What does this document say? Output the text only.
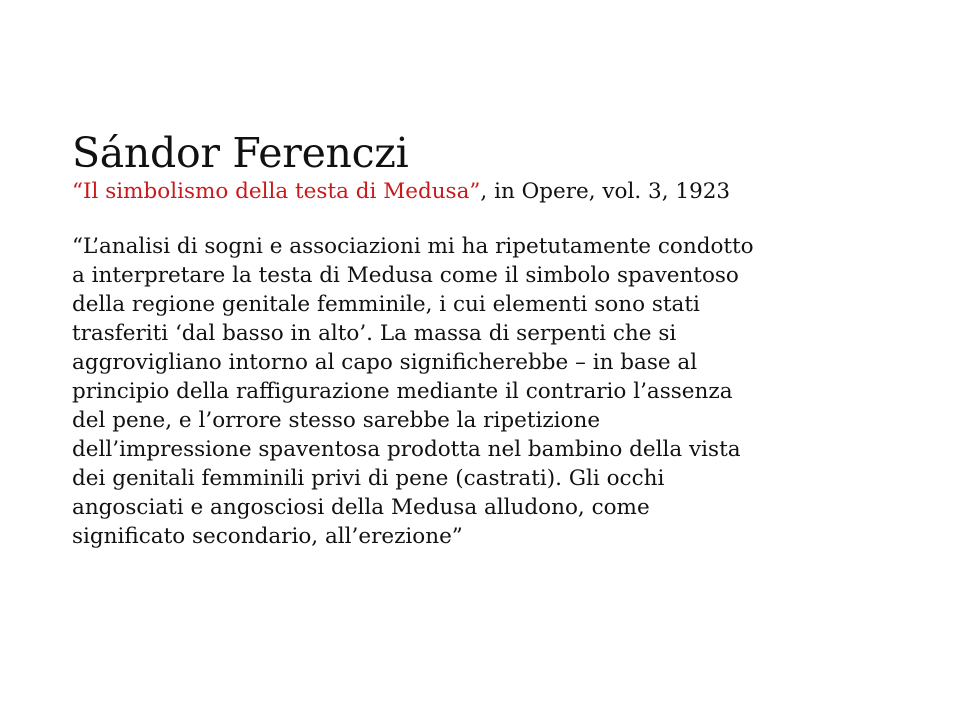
Sándor Ferenczi

“Il simbolismo della testa di Medusa”, in Opere, vol. 3, 1923

“L’analisi di sogni e associazioni mi ha ripetutamente condotto
a interpretare la testa di Medusa come il simbolo spaventoso
della regione genitale femminile, i cui elementi sono stati
trasferiti ‘dal basso in alto’. La massa di serpenti che si
aggrovigliano intorno al capo significherebbe – in base al
principio della raffigurazione mediante il contrario l’assenza
del pene, e l’orrore stesso sarebbe la ripetizione
dell’impressione spaventosa prodotta nel bambino della vista
dei genitali femminili privi di pene (castrati). Gli occhi
angosciati e angosciosi della Medusa alludono, come
significato secondario, all’erezione”
